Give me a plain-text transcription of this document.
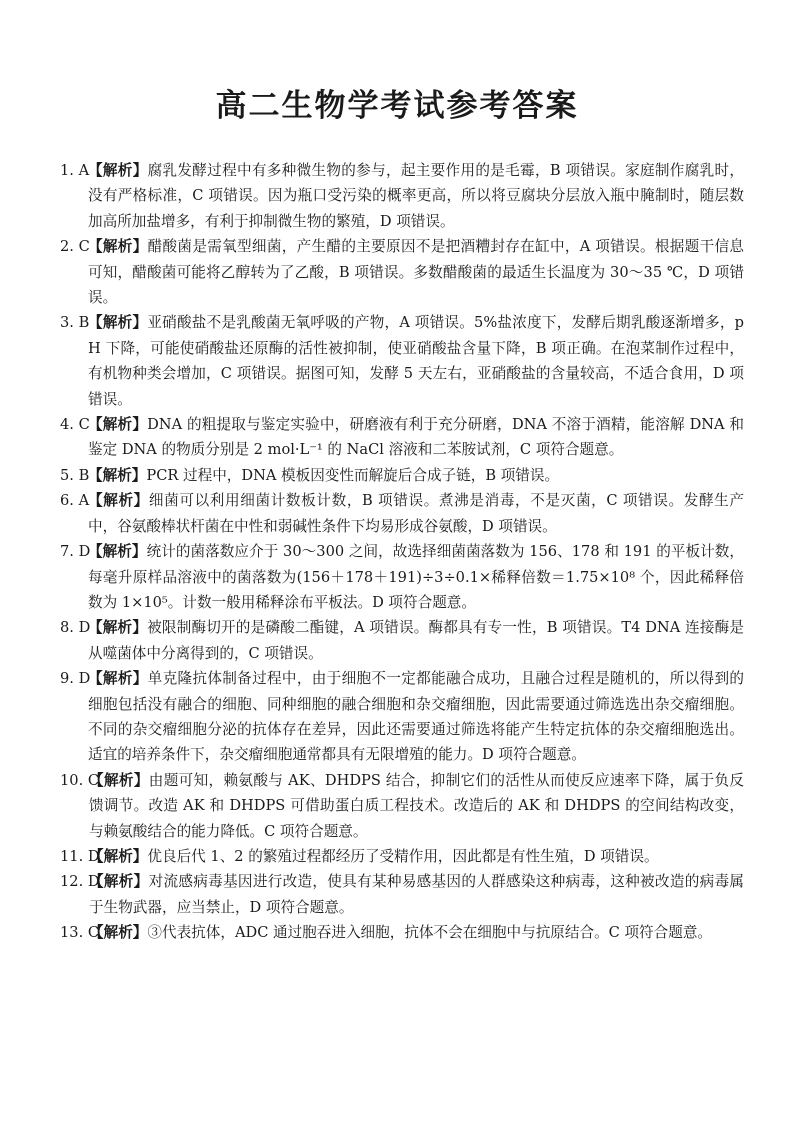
高二生物学考试参考答案
1. A
【解析】腐乳发酵过程中有多种微生物的参与，起主要作用的是毛霉，B 项错误。家庭制作腐乳时，没有严格标准，C 项错误。因为瓶口受污染的概率更高，所以将豆腐块分层放入瓶中腌制时，随层数加高所加盐增多，有利于抑制微生物的繁殖，D 项错误。
2. C
【解析】醋酸菌是需氧型细菌，产生醋的主要原因不是把酒糟封存在缸中，A 项错误。根据题干信息可知，醋酸菌可能将乙醇转为了乙酸，B 项错误。多数醋酸菌的最适生长温度为 30～35 ℃，D 项错误。
3. B
【解析】亚硝酸盐不是乳酸菌无氧呼吸的产物，A 项错误。5%盐浓度下，发酵后期乳酸逐渐增多，pH 下降，可能使硝酸盐还原酶的活性被抑制，使亚硝酸盐含量下降，B 项正确。在泡菜制作过程中，有机物种类会增加，C 项错误。据图可知，发酵 5 天左右，亚硝酸盐的含量较高，不适合食用，D 项错误。
4. C
【解析】DNA 的粗提取与鉴定实验中，研磨液有利于充分研磨，DNA 不溶于酒精，能溶解 DNA 和鉴定 DNA 的物质分别是 2 mol·L⁻¹ 的 NaCl 溶液和二苯胺试剂，C 项符合题意。
5. B
【解析】PCR 过程中，DNA 模板因变性而解旋后合成子链，B 项错误。
6. A
【解析】细菌可以利用细菌计数板计数，B 项错误。煮沸是消毒，不是灭菌，C 项错误。发酵生产中，谷氨酸棒状杆菌在中性和弱碱性条件下均易形成谷氨酸，D 项错误。
7. D
【解析】统计的菌落数应介于 30～300 之间，故选择细菌菌落数为 156、178 和 191 的平板计数，每毫升原样品溶液中的菌落数为(156＋178＋191)÷3÷0.1×稀释倍数＝1.75×10⁸ 个，因此稀释倍数为 1×10⁵。计数一般用稀释涂布平板法。D 项符合题意。
8. D
【解析】被限制酶切开的是磷酸二酯键，A 项错误。酶都具有专一性，B 项错误。T4 DNA 连接酶是从噬菌体中分离得到的，C 项错误。
9. D
【解析】单克隆抗体制备过程中，由于细胞不一定都能融合成功，且融合过程是随机的，所以得到的细胞包括没有融合的细胞、同种细胞的融合细胞和杂交瘤细胞，因此需要通过筛选选出杂交瘤细胞。不同的杂交瘤细胞分泌的抗体存在差异，因此还需要通过筛选将能产生特定抗体的杂交瘤细胞选出。适宜的培养条件下，杂交瘤细胞通常都具有无限增殖的能力。D 项符合题意。
10. C
【解析】由题可知，赖氨酸与 AK、DHDPS 结合，抑制它们的活性从而使反应速率下降，属于负反馈调节。改造 AK 和 DHDPS 可借助蛋白质工程技术。改造后的 AK 和 DHDPS 的空间结构改变，与赖氨酸结合的能力降低。C 项符合题意。
11. D
【解析】优良后代 1、2 的繁殖过程都经历了受精作用，因此都是有性生殖，D 项错误。
12. D
【解析】对流感病毒基因进行改造，使具有某种易感基因的人群感染这种病毒，这种被改造的病毒属于生物武器，应当禁止，D 项符合题意。
13. C
【解析】③代表抗体，ADC 通过胞吞进入细胞，抗体不会在细胞中与抗原结合。C 项符合题意。
